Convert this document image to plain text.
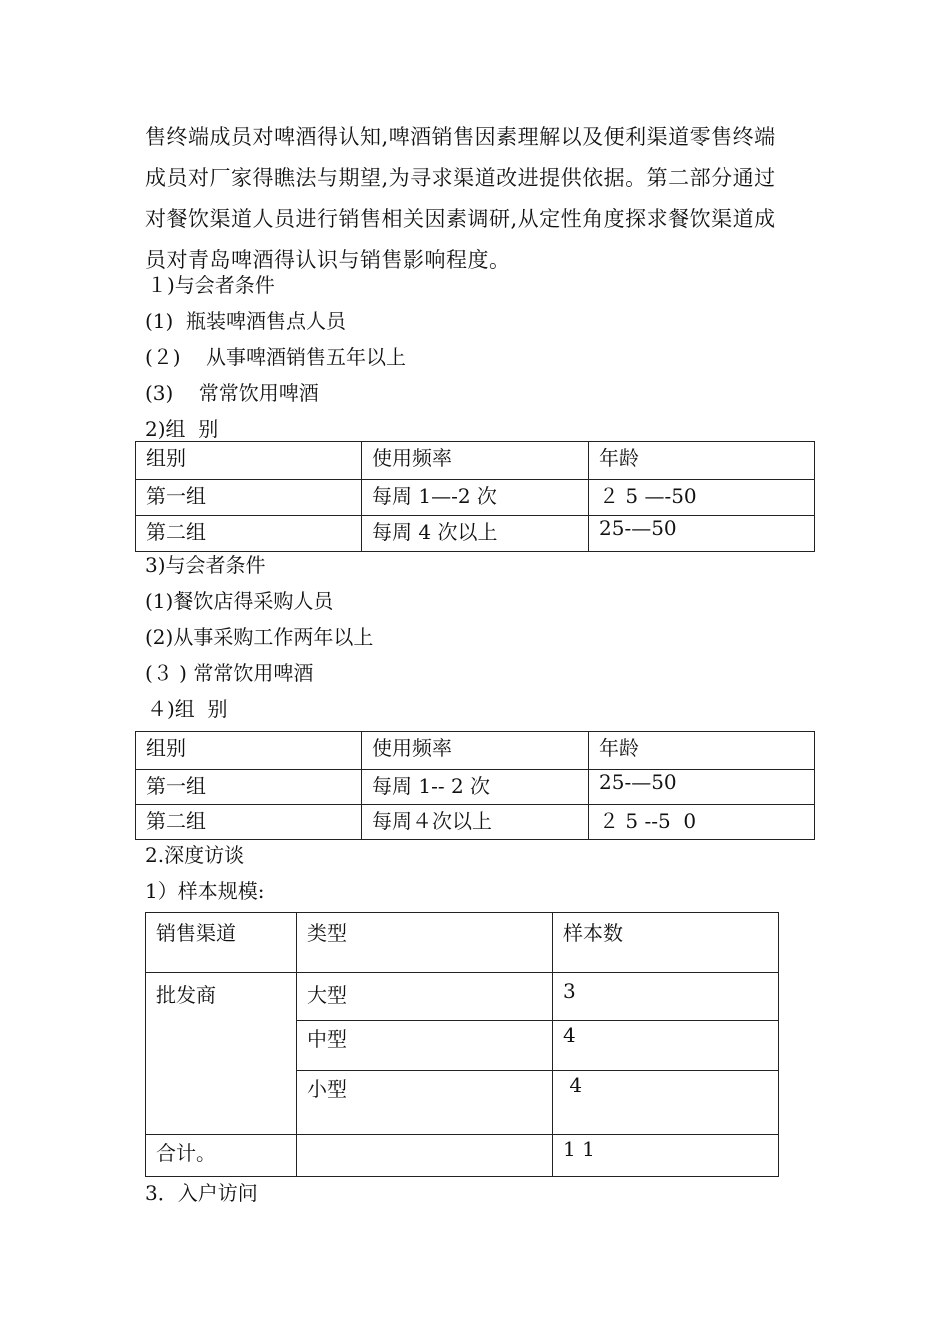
售终端成员对啤酒得认知,啤酒销售因素理解以及便利渠道零售终端
成员对厂家得瞧法与期望,为寻求渠道改进提供依据。第二部分通过
对餐饮渠道人员进行销售相关因素调研,从定性角度探求餐饮渠道成
员对青岛啤酒得认识与销售影响程度。

１)与会者条件
(1)  瓶装啤酒售点人员
(２)    从事啤酒销售五年以上
(3)    常常饮用啤酒
2)组  别
组别	使用频率	年龄
第一组	每周 1—-2 次	２ 5 —-50
第二组	每周 4 次以上	25-—50
3)与会者条件
(1)餐饮店得采购人员
(2)从事采购工作两年以上
(３ ) 常常饮用啤酒
４)组  别
组别	使用频率	年龄
第一组	每周 1-- 2 次	25-—50
第二组	每周４次以上	２ 5 --5  0
2.深度访谈
1）样本规模:
销售渠道	类型	样本数
批发商	大型	3
	中型	4
	小型	4
合计。		1 1
3．入户访问
